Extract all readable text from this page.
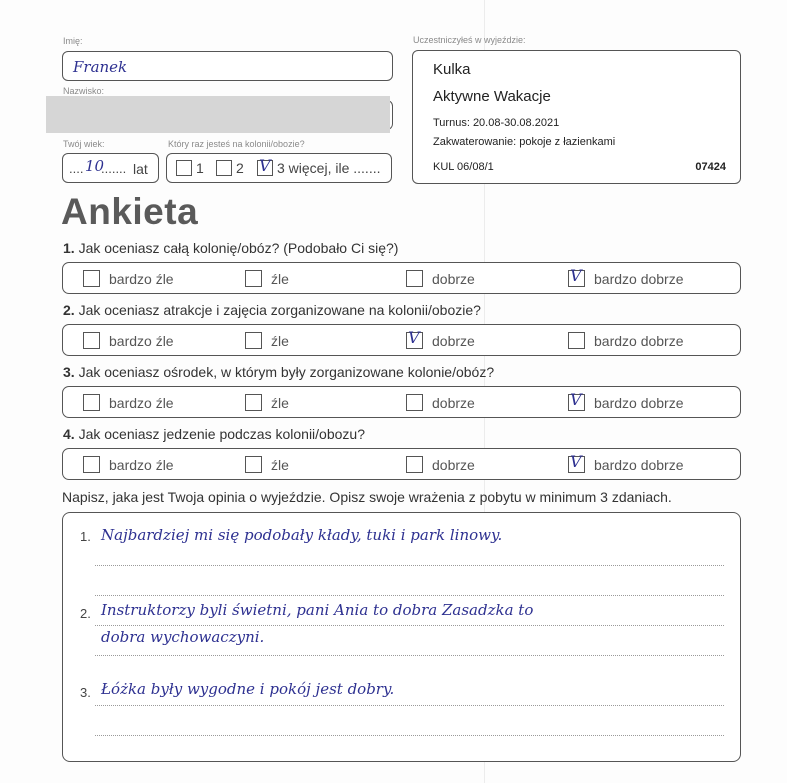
Imię:
Franek
Nazwisko:
Twój wiek:
.... 10
....... lat
Który raz jesteś na kolonii/obozie?
1 2 V 3 więcej, ile .......
Uczestniczyłeś w wyjeździe:
Kulka
Aktywne Wakacje
Turnus: 20.08-30.08.2021
Zakwaterowanie: pokoje z łazienkami
KUL 06/08/1	07424
Ankieta
1. Jak oceniasz całą kolonię/obóz? (Podobało Ci się?)
bardzo źle	źle	dobrze	V bardzo dobrze
2. Jak oceniasz atrakcje i zajęcia zorganizowane na kolonii/obozie?
bardzo źle	źle	V dobrze	bardzo dobrze
3. Jak oceniasz ośrodek, w którym były zorganizowane kolonie/obóz?
bardzo źle	źle	dobrze	V bardzo dobrze
4. Jak oceniasz jedzenie podczas kolonii/obozu?
bardzo źle	źle	dobrze	V bardzo dobrze
Napisz, jaka jest Twoja opinia o wyjeździe. Opisz swoje wrażenia z pobytu w minimum 3 zdaniach.
1. Najbardziej mi się podobały kłady, tuki i park linowy.
2. Instruktorzy byli świetni, pani Ania to dobra Zasadzka to
dobra wychowaczyni.
3. Łóżka były wygodne i pokój jest dobry.
